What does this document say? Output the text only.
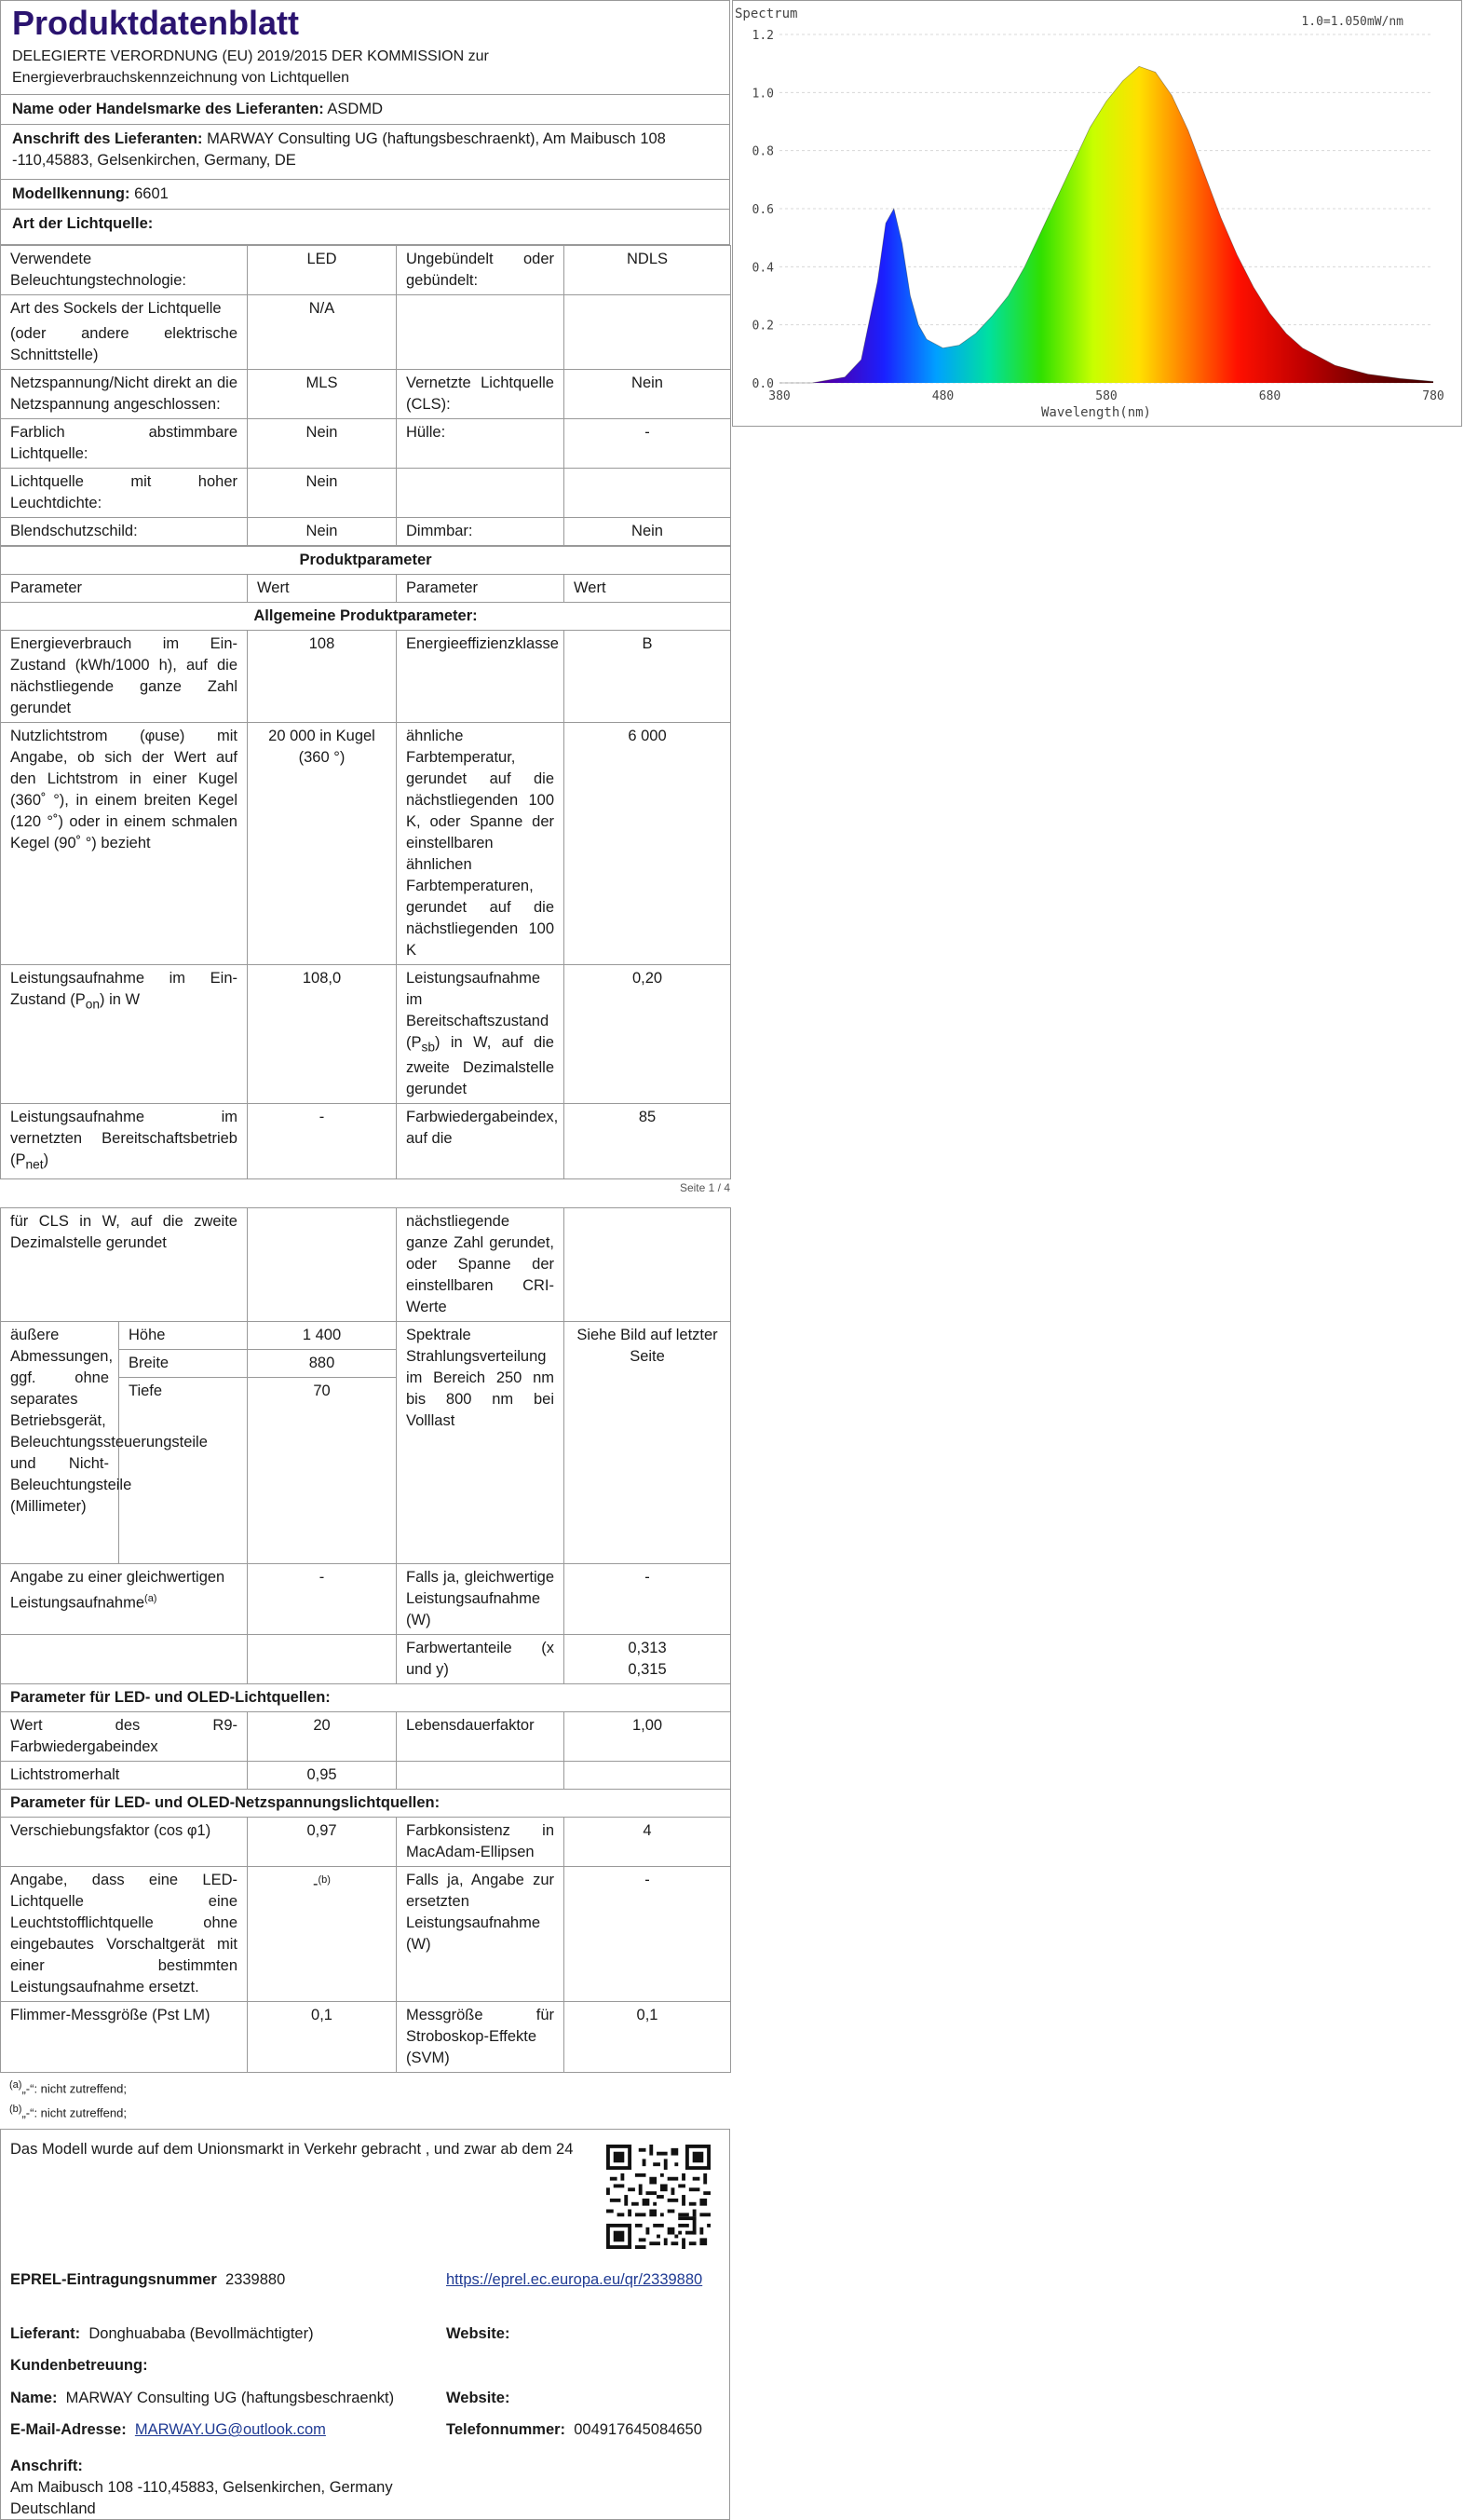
Produktdatenblatt
DELEGIERTE VERORDNUNG (EU) 2019/2015 DER KOMMISSION zur Energieverbrauchskennzeichnung von Lichtquellen
Name oder Handelsmarke des Lieferanten: ASDMD
Anschrift des Lieferanten: MARWAY Consulting UG (haftungsbeschraenkt), Am Maibusch 108 -110,45883, Gelsenkirchen, Germany, DE
Modellkennung: 6601
Art der Lichtquelle:
Verwendete Beleuchtungstechnologie:	LED	Ungebündelt oder gebündelt:	NDLS

Art des Sockels der Lichtquelle
(oder andere elektrische Schnittstelle)	N/A		
Netzspannung/Nicht direkt an die Netzspannung angeschlossen:	MLS	Vernetzte Lichtquelle (CLS):	Nein
Farblich abstimmbare Lichtquelle:	Nein	Hülle:	-
Lichtquelle mit hoher Leuchtdichte:	Nein		
Blendschutzschild:	Nein	Dimmbar:	Nein
Produktparameter			
Parameter	Wert	Parameter	Wert
Allgemeine Produktparameter:			
Energieverbrauch im Ein-Zustand (kWh/1000 h), auf die nächstliegende ganze Zahl gerundet	108	Energieeffizienzklasse	B
Nutzlichtstrom (φuse) mit Angabe, ob sich der Wert auf den Lichtstrom in einer Kugel (360˚ °), in einem breiten Kegel (120 °˚) oder in einem schmalen Kegel (90˚ °) bezieht	20 000 in Kugel (360 °)	ähnliche Farbtemperatur, gerundet auf die nächstliegenden 100 K, oder Spanne der einstellbaren ähnlichen Farbtemperaturen, gerundet auf die nächstliegenden 100 K	6 000
Leistungsaufnahme im Ein-Zustand $(P_{on})$ in W	108,0	Leistungsaufnahme im Bereitschaftszustand $(P_{sb})$ in W, auf die zweite Dezimalstelle gerundet	0,20
Leistungsaufnahme im vernetzten Bereitschaftsbetrieb $(P_{net})$	-	Farbwiedergabeindex, auf die	85
Seite 1 / 4
für CLS in W, auf die zweite Dezimalstelle gerundet			nächstliegende ganze Zahl gerundet, oder Spanne der einstellbaren CRI-Werte	
äußere Abmessungen, ggf. ohne separates Betriebsgerät, Beleuchtungssteuerungsteile und Nicht-Beleuchtungsteile (Millimeter)	Höhe	1 400	Spektrale Strahlungsverteilung im Bereich 250 nm bis 800 nm bei Volllast	Siehe Bild auf letzter Seite
	Breite	880		
	Tiefe	70		
Angabe zu einer gleichwertigen Leistungsaufnahme$^{(a)}$		-	Falls ja, gleichwertige Leistungsaufnahme (W)	-
			Farbwertanteile (x und y)	0,313
0,315

Parameter für LED- und OLED-Lichtquellen:				
Wert des R9-Farbwiedergabeindex		20	Lebensdauerfaktor	1,00
Lichtstromerhalt		0,95		
Parameter für LED- und OLED-Netzspannungslichtquellen:				
Verschiebungsfaktor (cos φ1)		0,97	Farbkonsistenz in MacAdam-Ellipsen	4
Angabe, dass eine LED-Lichtquelle eine Leuchtstofflichtquelle ohne eingebautes Vorschaltgerät mit einer bestimmten Leistungsaufnahme ersetzt.		-$^{(b)}$	Falls ja, Angabe zur ersetzten Leistungsaufnahme (W)	-
Flimmer-Messgröße (Pst LM)		0,1	Messgröße für Stroboskop-Effekte (SVM)	0,1
$^{(a)}$„-“: nicht zutreffend;
$^{(b)}$„-“: nicht zutreffend;
Das Modell wurde auf dem Unionsmarkt in Verkehr gebracht , und zwar ab dem 24
EPREL-Eintragungsnummer 2339880	https://eprel.ec.europa.eu/qr/2339880
Lieferant: Donghuababa (Bevollmächtigter)	Website:
Kundenbetreuung:
Name: MARWAY Consulting UG (haftungsbeschraenkt)	Website:
E-Mail-Adresse: MARWAY.UG@outlook.com	Telefonnummer: 004917645084650
Anschrift:
Am Maibusch 108 -110,45883, Gelsenkirchen, Germany
Deutschland
Spectrum
1.0=1.050mW/nm
0.0
0.2
0.4
0.6
0.8
1.0
1.2
380	480	580	680	780
Wavelength(nm)
